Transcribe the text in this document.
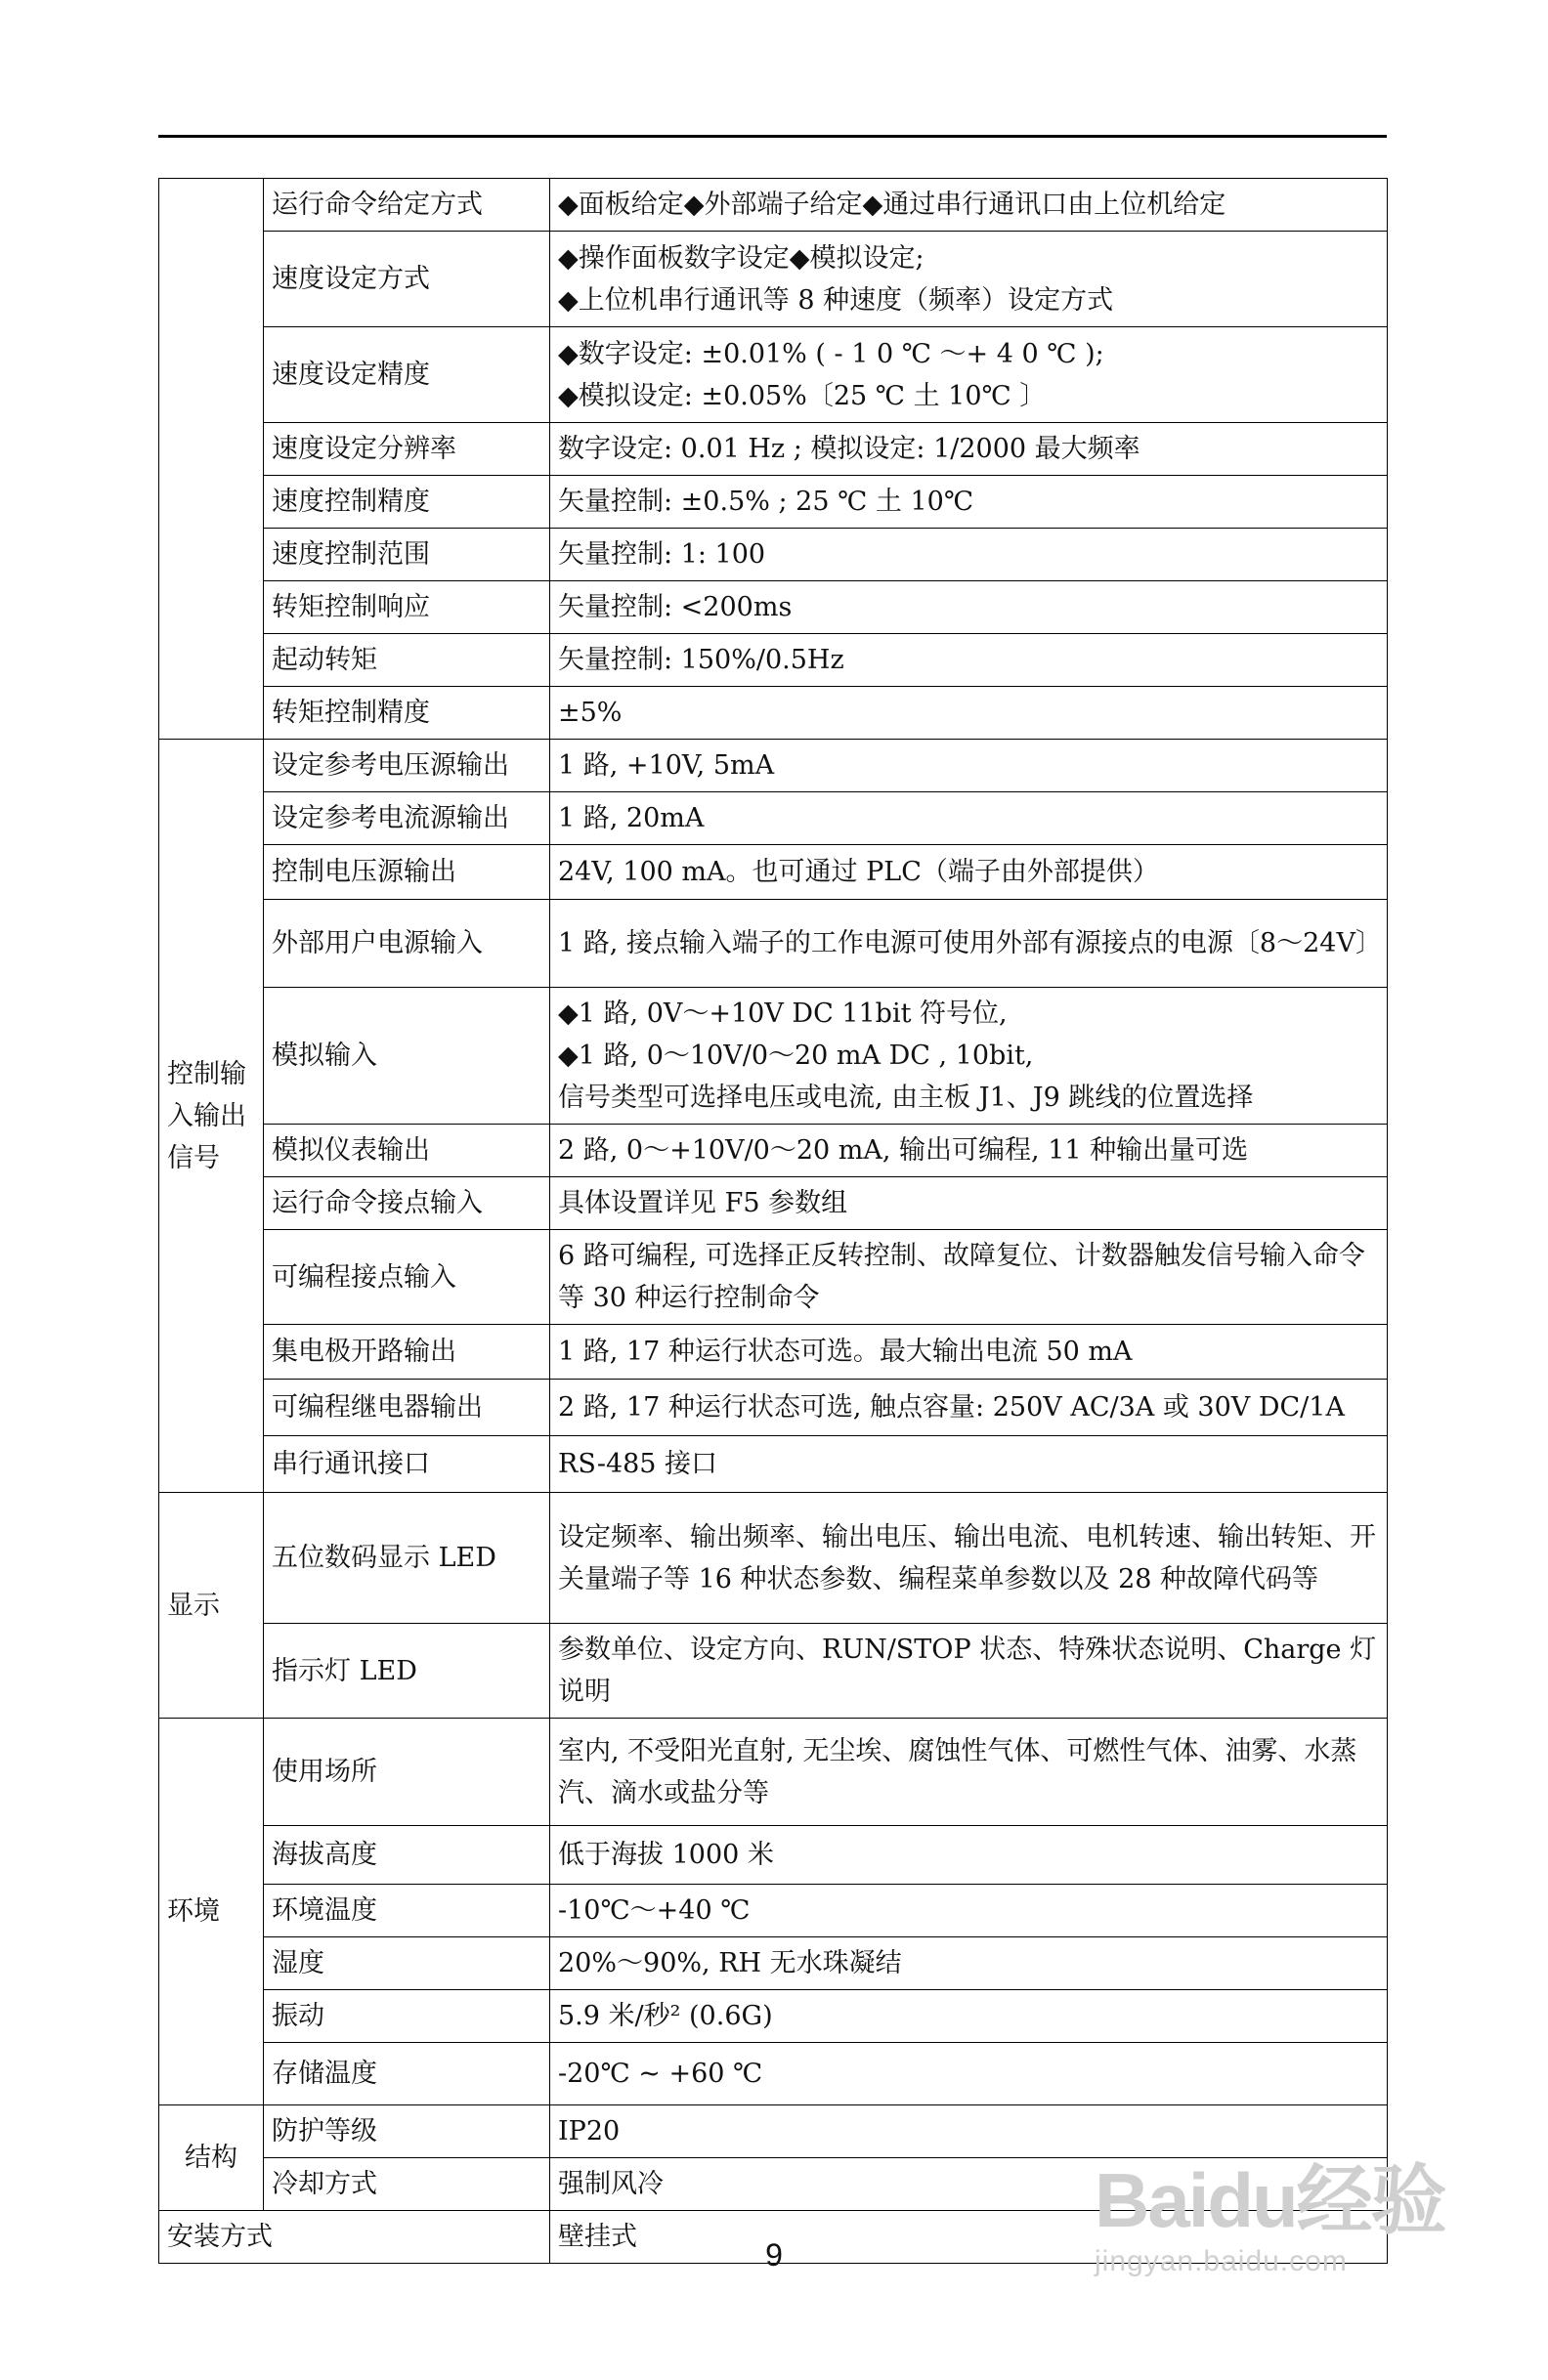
	运行命令给定方式	◆面板给定◆外部端子给定◆通过串行通讯口由上位机给定

	速度设定方式	◆操作面板数字设定◆模拟设定;
◆上位机串行通讯等 8 种速度（频率）设定方式

	速度设定精度	◆数字设定: ±0.01% ( - 1 0 ℃ ～+ 4 0 ℃ );
◆模拟设定: ±0.05%〔25 ℃ 土 10℃ 〕

	速度设定分辨率	数字设定: 0.01 Hz ; 模拟设定: 1/2000 最大频率

	速度控制精度	矢量控制: ±0.5% ; 25 ℃ 土 10℃

	速度控制范围	矢量控制: 1: 100

	转矩控制响应	矢量控制: <200ms

	起动转矩	矢量控制: 150%/0.5Hz

	转矩控制精度	±5%

控制输入输出信号	设定参考电压源输出	1 路, +10V, 5mA

	设定参考电流源输出	1 路, 20mA

	控制电压源输出	24V, 100 mA。也可通过 PLC（端子由外部提供）

	外部用户电源输入	1 路, 接点输入端子的工作电源可使用外部有源接点的电源〔8～24V〕

	模拟输入	◆1 路, 0V～+10V DC 11bit 符号位,
◆1 路, 0～10V/0～20 mA DC , 10bit,
信号类型可选择电压或电流, 由主板 J1、J9 跳线的位置选择

	模拟仪表输出	2 路, 0～+10V/0～20 mA, 输出可编程, 11 种输出量可选

	运行命令接点输入	具体设置详见 F5 参数组

	可编程接点输入	6 路可编程, 可选择正反转控制、故障复位、计数器触发信号输入命令等 30 种运行控制命令

	集电极开路输出	1 路, 17 种运行状态可选。最大输出电流 50 mA

	可编程继电器输出	2 路, 17 种运行状态可选, 触点容量: 250V AC/3A 或 30V DC/1A

	串行通讯接口	RS-485 接口

显示	五位数码显示 LED	设定频率、输出频率、输出电压、输出电流、电机转速、输出转矩、开关量端子等 16 种状态参数、编程菜单参数以及 28 种故障代码等

	指示灯 LED	参数单位、设定方向、RUN/STOP 状态、特殊状态说明、Charge 灯说明

环境	使用场所	室内, 不受阳光直射, 无尘埃、腐蚀性气体、可燃性气体、油雾、水蒸汽、滴水或盐分等

	海拔高度	低于海拔 1000 米

	环境温度	-10℃～+40 ℃

	湿度	20%～90%, RH 无水珠凝结

	振动	5.9 米/秒² (0.6G)

	存储温度	-20℃ ~ +60 ℃

结构	防护等级	IP20

	冷却方式	强制风冷

安装方式		壁挂式
9
Baidu经验
jingyan.baidu.com
